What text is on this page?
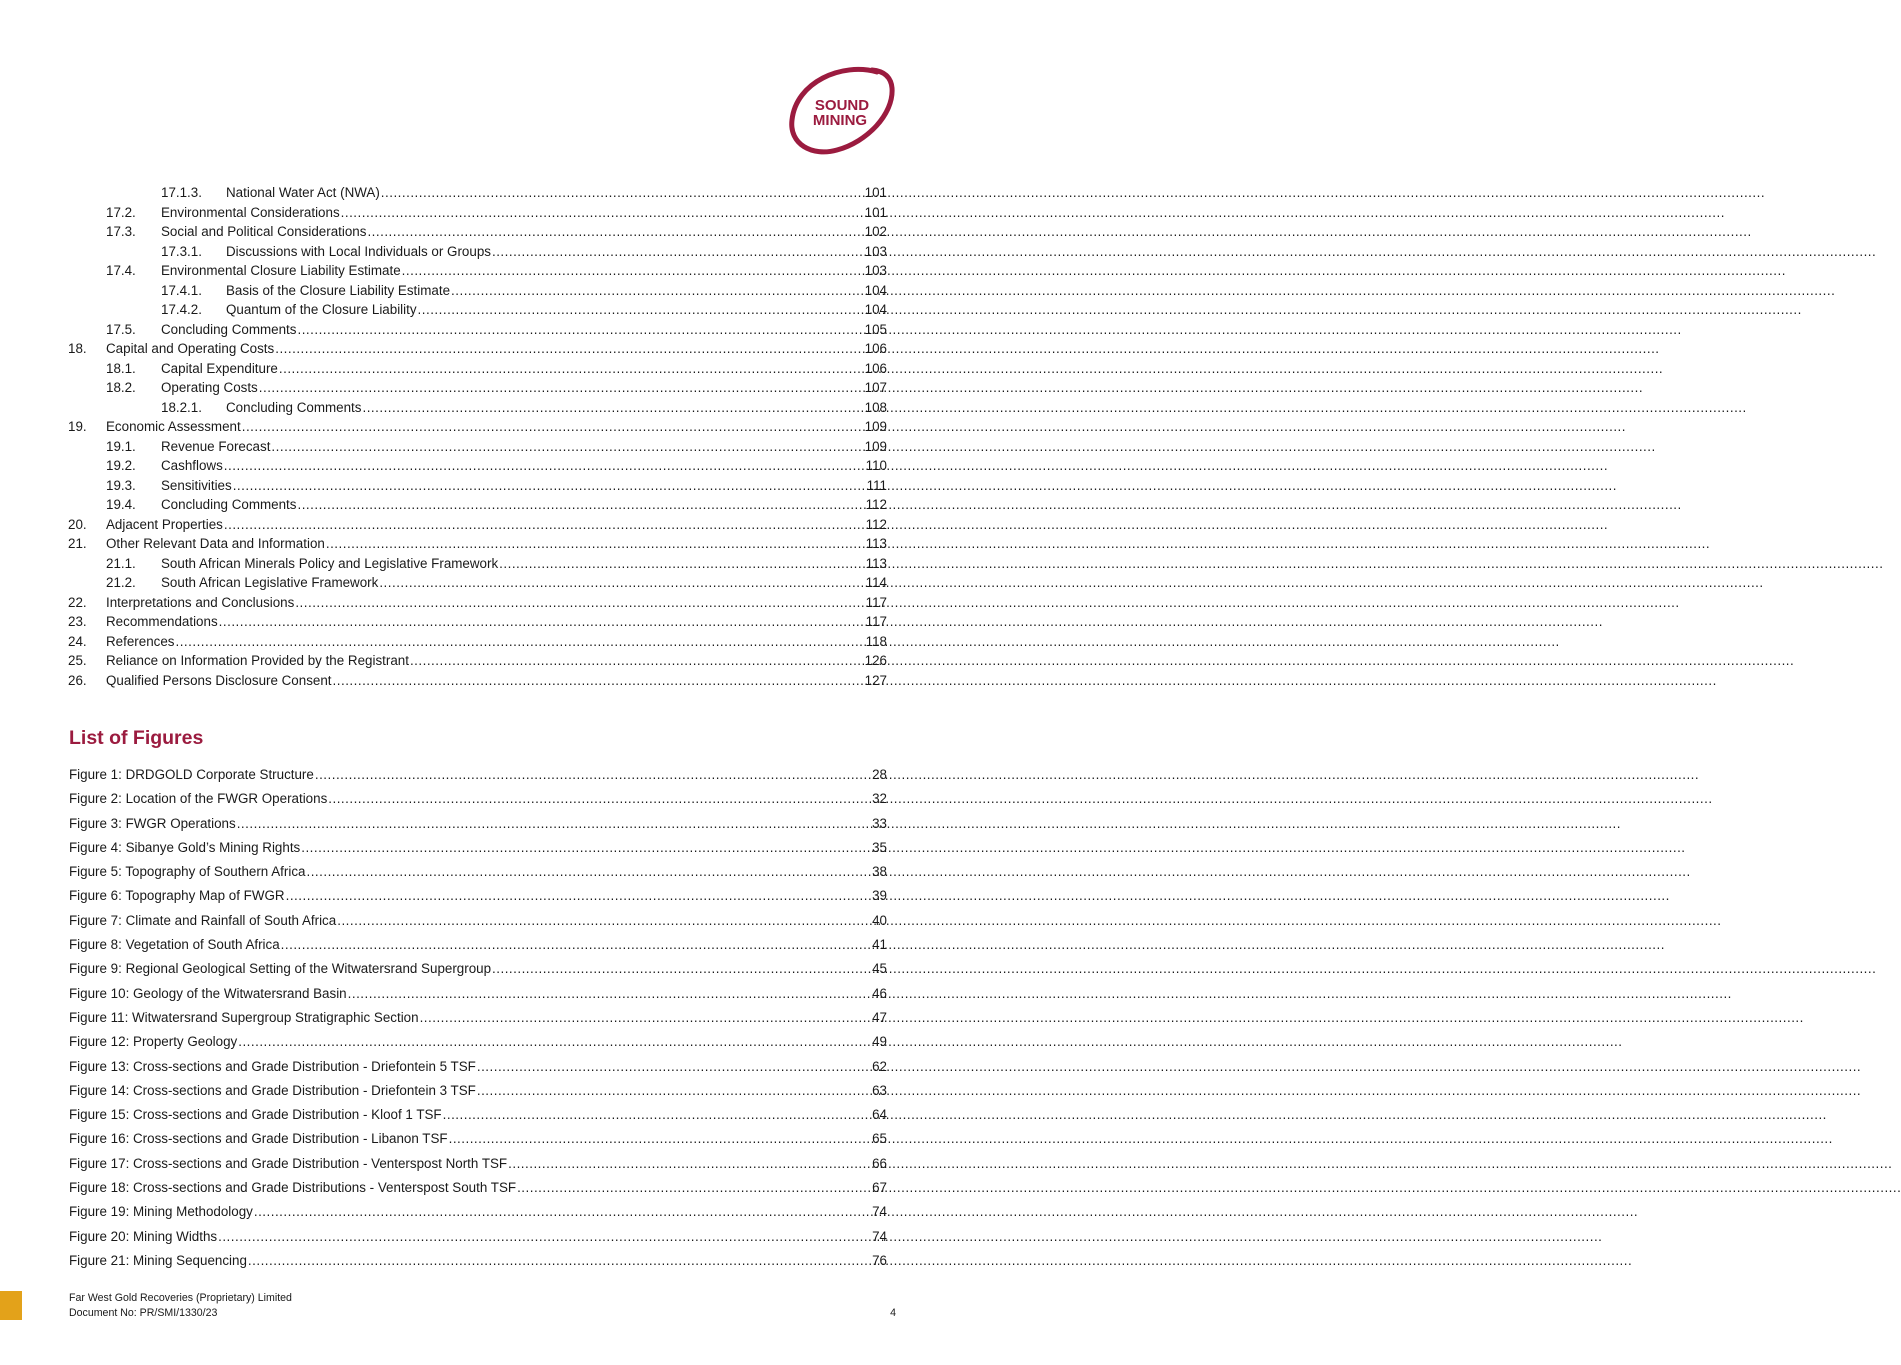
SOUND
MINING
17.1.3.	National Water Act (NWA) .....	101
17.2.	Environmental Considerations .....	101
17.3.	Social and Political Considerations .....	102
17.3.1.	Discussions with Local Individuals or Groups .....	103
17.4.	Environmental Closure Liability Estimate .....	103
17.4.1.	Basis of the Closure Liability Estimate .....	104
17.4.2.	Quantum of the Closure Liability .....	104
17.5.	Concluding Comments .....	105
18.	Capital and Operating Costs .....	106
18.1.	Capital Expenditure .....	106
18.2.	Operating Costs .....	107
18.2.1.	Concluding Comments .....	108
19.	Economic Assessment .....	109
19.1.	Revenue Forecast .....	109
19.2.	Cashflows .....	110
19.3.	Sensitivities .....	111
19.4.	Concluding Comments .....	112
20.	Adjacent Properties .....	112
21.	Other Relevant Data and Information .....	113
21.1.	South African Minerals Policy and Legislative Framework .....	113
21.2.	South African Legislative Framework .....	114
22.	Interpretations and Conclusions .....	117
23.	Recommendations .....	117
24.	References .....	118
25.	Reliance on Information Provided by the Registrant .....	126
26.	Qualified Persons Disclosure Consent .....	127
List of Figures
Figure 1: DRDGOLD Corporate Structure .....	28
Figure 2: Location of the FWGR Operations .....	32
Figure 3: FWGR Operations .....	33
Figure 4: Sibanye Gold’s Mining Rights .....	35
Figure 5: Topography of Southern Africa .....	38
Figure 6: Topography Map of FWGR .....	39
Figure 7: Climate and Rainfall of South Africa .....	40
Figure 8: Vegetation of South Africa .....	41
Figure 9: Regional Geological Setting of the Witwatersrand Supergroup .....	45
Figure 10: Geology of the Witwatersrand Basin .....	46
Figure 11: Witwatersrand Supergroup Stratigraphic Section .....	47
Figure 12: Property Geology .....	49
Figure 13: Cross-sections and Grade Distribution - Driefontein 5 TSF .....	62
Figure 14: Cross-sections and Grade Distribution - Driefontein 3 TSF .....	63
Figure 15: Cross-sections and Grade Distribution - Kloof 1 TSF .....	64
Figure 16: Cross-sections and Grade Distribution - Libanon TSF .....	65
Figure 17: Cross-sections and Grade Distribution - Venterspost North TSF .....	66
Figure 18: Cross-sections and Grade Distributions - Venterspost South TSF .....	67
Figure 19: Mining Methodology .....	74
Figure 20: Mining Widths .....	74
Figure 21: Mining Sequencing .....	76
Far West Gold Recoveries (Proprietary) Limited
Document No: PR/SMI/1330/23	4
